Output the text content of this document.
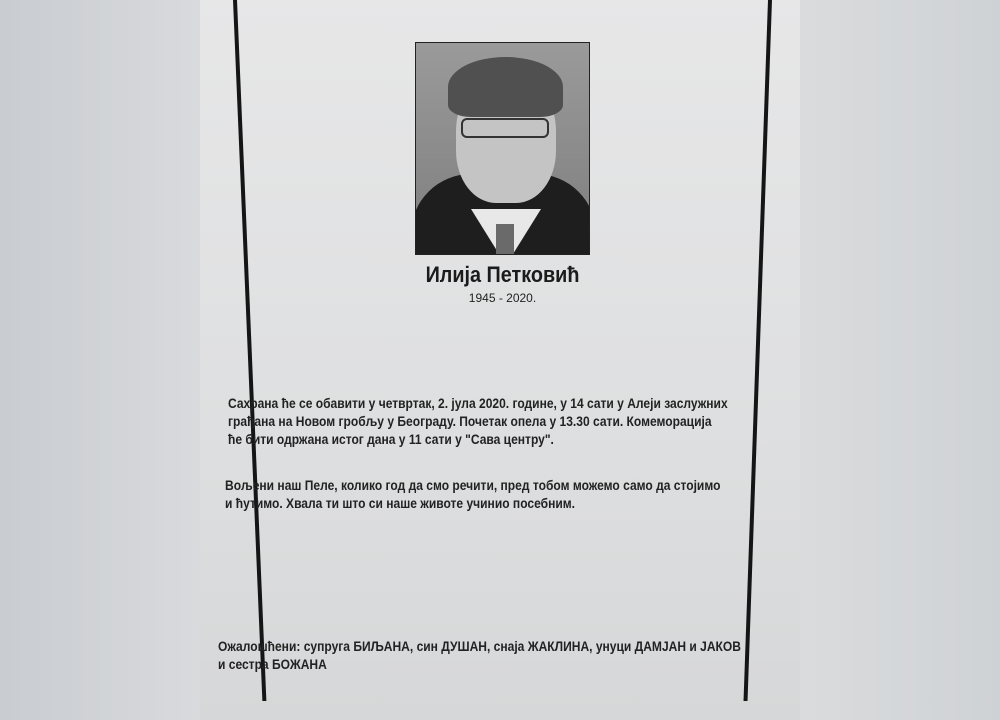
Илија Петковић
1945 - 2020.
Сахрана ће се обавити у четвртак, 2. јула 2020. године, у 14 сати у Алеји заслужних
грађана на Новом гробљу у Београду. Почетак опела у 13.30 сати. Комеморација
ће бити одржана истог дана у 11 сати у "Сава центру".
Вољени наш Пеле, колико год да смо речити, пред тобом можемо само да стојимо
и ћутимо. Хвала ти што си наше животе учинио посебним.
Ожалошћени: супруга БИЉАНА, син ДУШАН, снаја ЖАКЛИНА, унуци ДАМЈАН и ЈАКОВ
и сестра БОЖАНА
